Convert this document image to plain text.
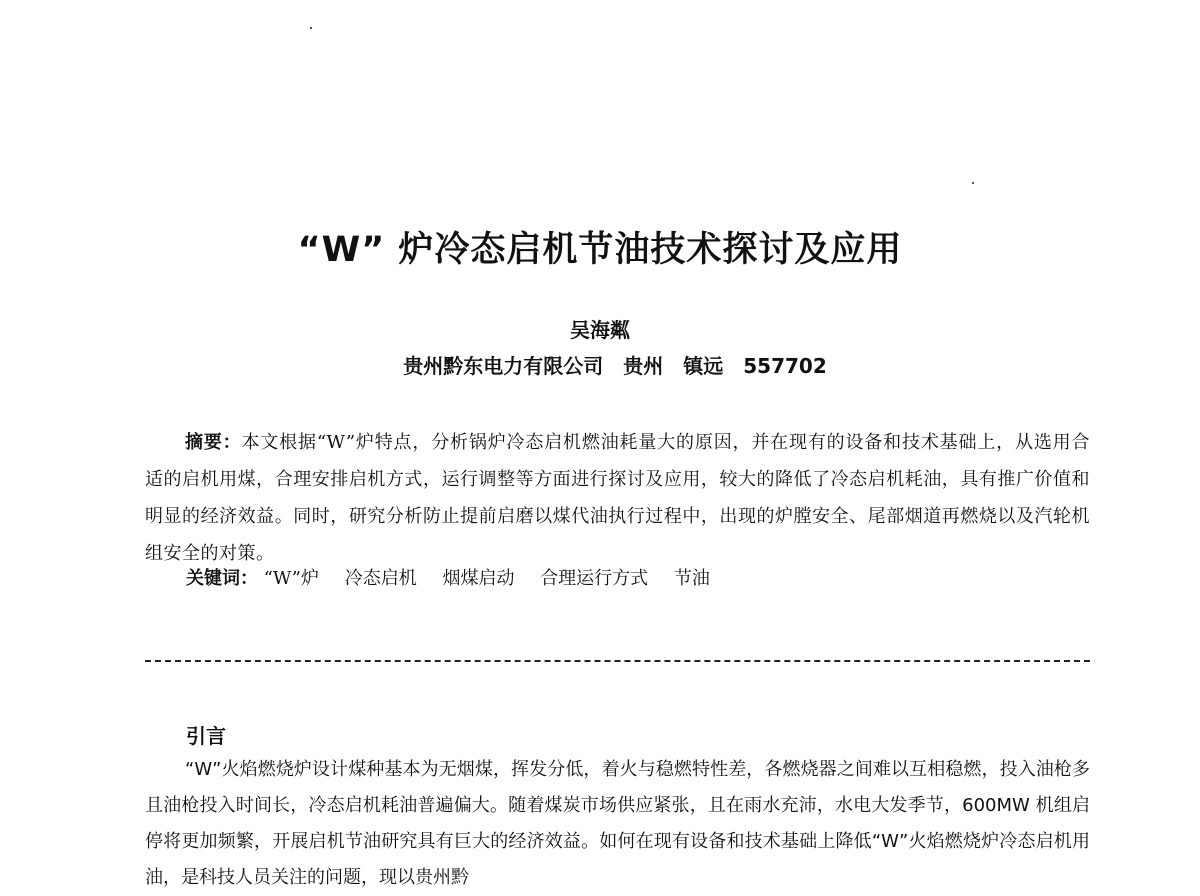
“W” 炉冷态启机节油技术探讨及应用
吴海粼
贵州黔东电力有限公司　贵州　镇远　557702
摘要：本文根据“W”炉特点，分析锅炉冷态启机燃油耗量大的原因，并在现有的设备和技术基础上，从选用合适的启机用煤，合理安排启机方式，运行调整等方面进行探讨及应用，较大的降低了冷态启机耗油，具有推广价值和明显的经济效益。同时，研究分析防止提前启磨以煤代油执行过程中，出现的炉膛安全、尾部烟道再燃烧以及汽轮机组安全的对策。
关键词： “W”炉 冷态启机 烟煤启动 合理运行方式 节油
引言
“W”火焰燃烧炉设计煤种基本为无烟煤，挥发分低，着火与稳燃特性差，各燃烧器之间难以互相稳燃，投入油枪多且油枪投入时间长，冷态启机耗油普遍偏大。随着煤炭市场供应紧张，且在雨水充沛，水电大发季节，600MW 机组启停将更加频繁，开展启机节油研究具有巨大的经济效益。如何在现有设备和技术基础上降低“W”火焰燃烧炉冷态启机用油，是科技人员关注的问题，现以贵州黔
